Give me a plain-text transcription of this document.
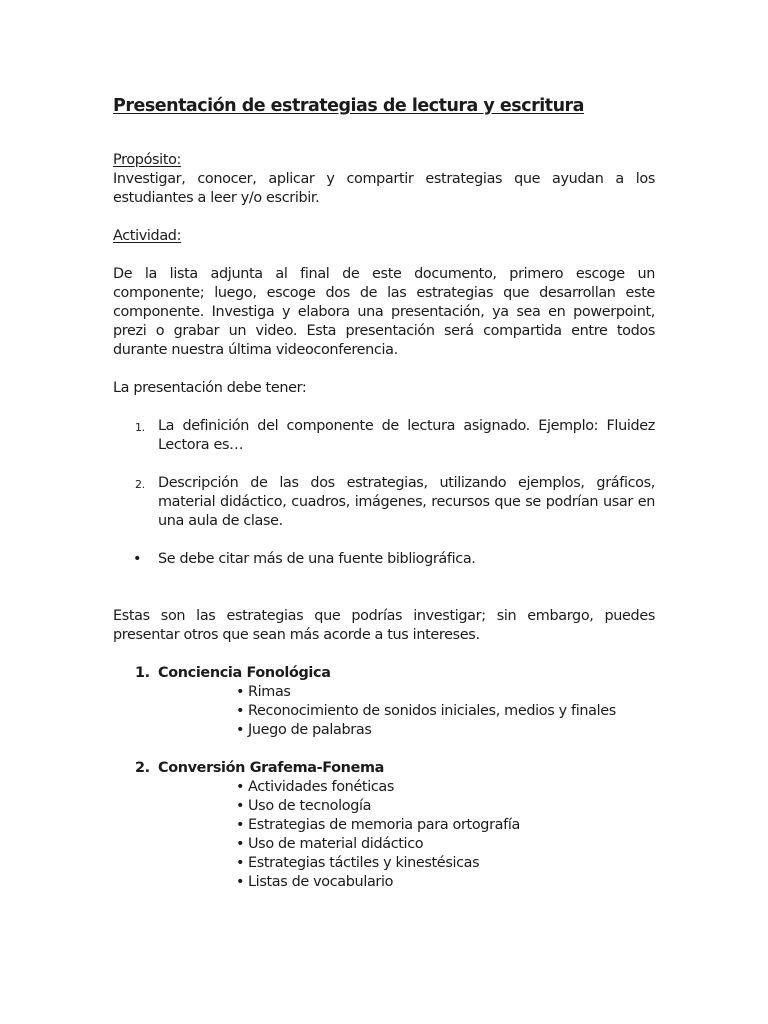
Presentación de estrategias de lectura y escritura

Propósito:

Investigar, conocer, aplicar y compartir estrategias que ayudan a los estudiantes a leer y/o escribir.

Actividad:

De la lista adjunta al final de este documento, primero escoge un componente; luego, escoge dos de las estrategias que desarrollan este componente. Investiga y elabora una presentación, ya sea en powerpoint, prezi o grabar un video. Esta presentación será compartida entre todos durante nuestra última videoconferencia.

La presentación debe tener:

1. La definición del componente de lectura asignado. Ejemplo: Fluidez Lectora es…
2. Descripción de las dos estrategias, utilizando ejemplos, gráficos, material didáctico, cuadros, imágenes, recursos que se podrían usar en una aula de clase.
• Se debe citar más de una fuente bibliográfica.

Estas son las estrategias que podrías investigar; sin embargo, puedes presentar otros que sean más acorde a tus intereses.

1. Conciencia Fonológica

• Rimas
• Reconocimiento de sonidos iniciales, medios y finales
• Juego de palabras

2. Conversión Grafema-Fonema

• Actividades fonéticas
• Uso de tecnología
• Estrategias de memoria para ortografía
• Uso de material didáctico
• Estrategias táctiles y kinestésicas
• Listas de vocabulario
